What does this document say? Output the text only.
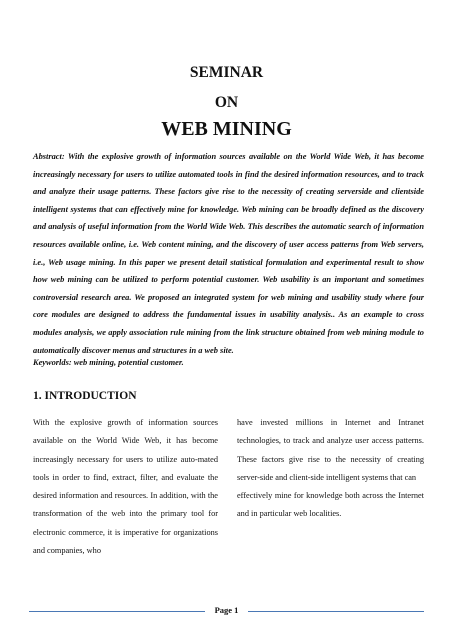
SEMINAR
ON
WEB MINING

Abstract: With the explosive growth of information sources available on the World Wide Web, it has become increasingly necessary for users to utilize automated tools in find the desired information resources, and to track and analyze their usage patterns. These factors give rise to the necessity of creating serverside and clientside intelligent systems that can effectively mine for knowledge. Web mining can be broadly defined as the discovery and analysis of useful information from the World Wide Web. This describes the automatic search of information resources available online, i.e. Web content mining, and the discovery of user access patterns from Web servers, i.e., Web usage mining. In this paper we present detail statistical formulation and experimental result to show how web mining can be utilized to perform potential customer. Web usability is an important and sometimes controversial research area. We proposed an integrated system for web mining and usability study where four core modules are designed to address the fundamental issues in usability analysis.. As an example to cross modules analysis, we apply association rule mining from the link structure obtained from web mining module to automatically discover menus and structures in a web site.

Keyworlds: web mining, potential customer.

1. INTRODUCTION

With the explosive growth of information sources available on the World Wide Web, it has become increasingly necessary for users to utilize auto-mated tools in order to find, extract, filter, and evaluate the desired information and resources. In addition, with the transformation of the web into the primary tool for electronic commerce, it is imperative for organizations and companies, who

have invested millions in Internet and Intranet technologies, to track and analyze user access patterns. These factors give rise to the necessity of creating server-side and client-side intelligent systems that can
effectively mine for knowledge both across the Internet and in particular web localities.

Page 1
